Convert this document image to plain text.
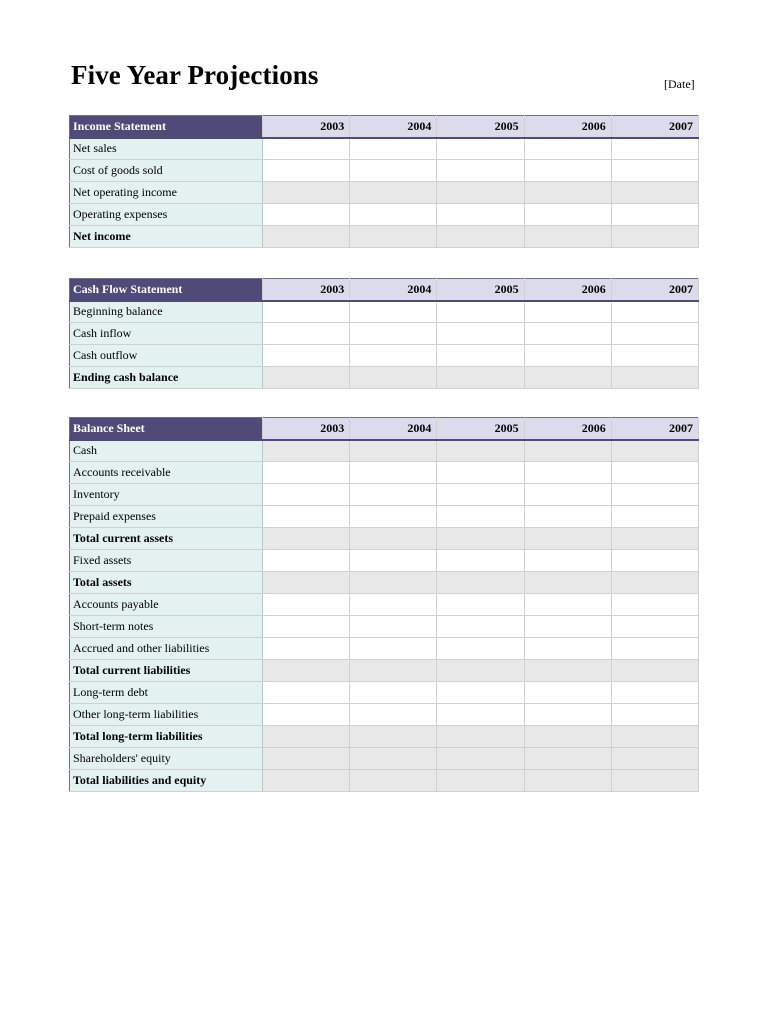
Five Year Projections	[Date]
Income Statement	2003	2004	2005	2006	2007
Net sales					
Cost of goods sold					
Net operating income					
Operating expenses					
Net income					
Cash Flow Statement	2003	2004	2005	2006	2007
Beginning balance					
Cash inflow					
Cash outflow					
Ending cash balance					
Balance Sheet	2003	2004	2005	2006	2007
Cash					
Accounts receivable					
Inventory					
Prepaid expenses					
Total current assets					
Fixed assets					
Total assets					
Accounts payable					
Short-term notes					
Accrued and other liabilities					
Total current liabilities					
Long-term debt					
Other long-term liabilities					
Total long-term liabilities					
Shareholders' equity					
Total liabilities and equity					
